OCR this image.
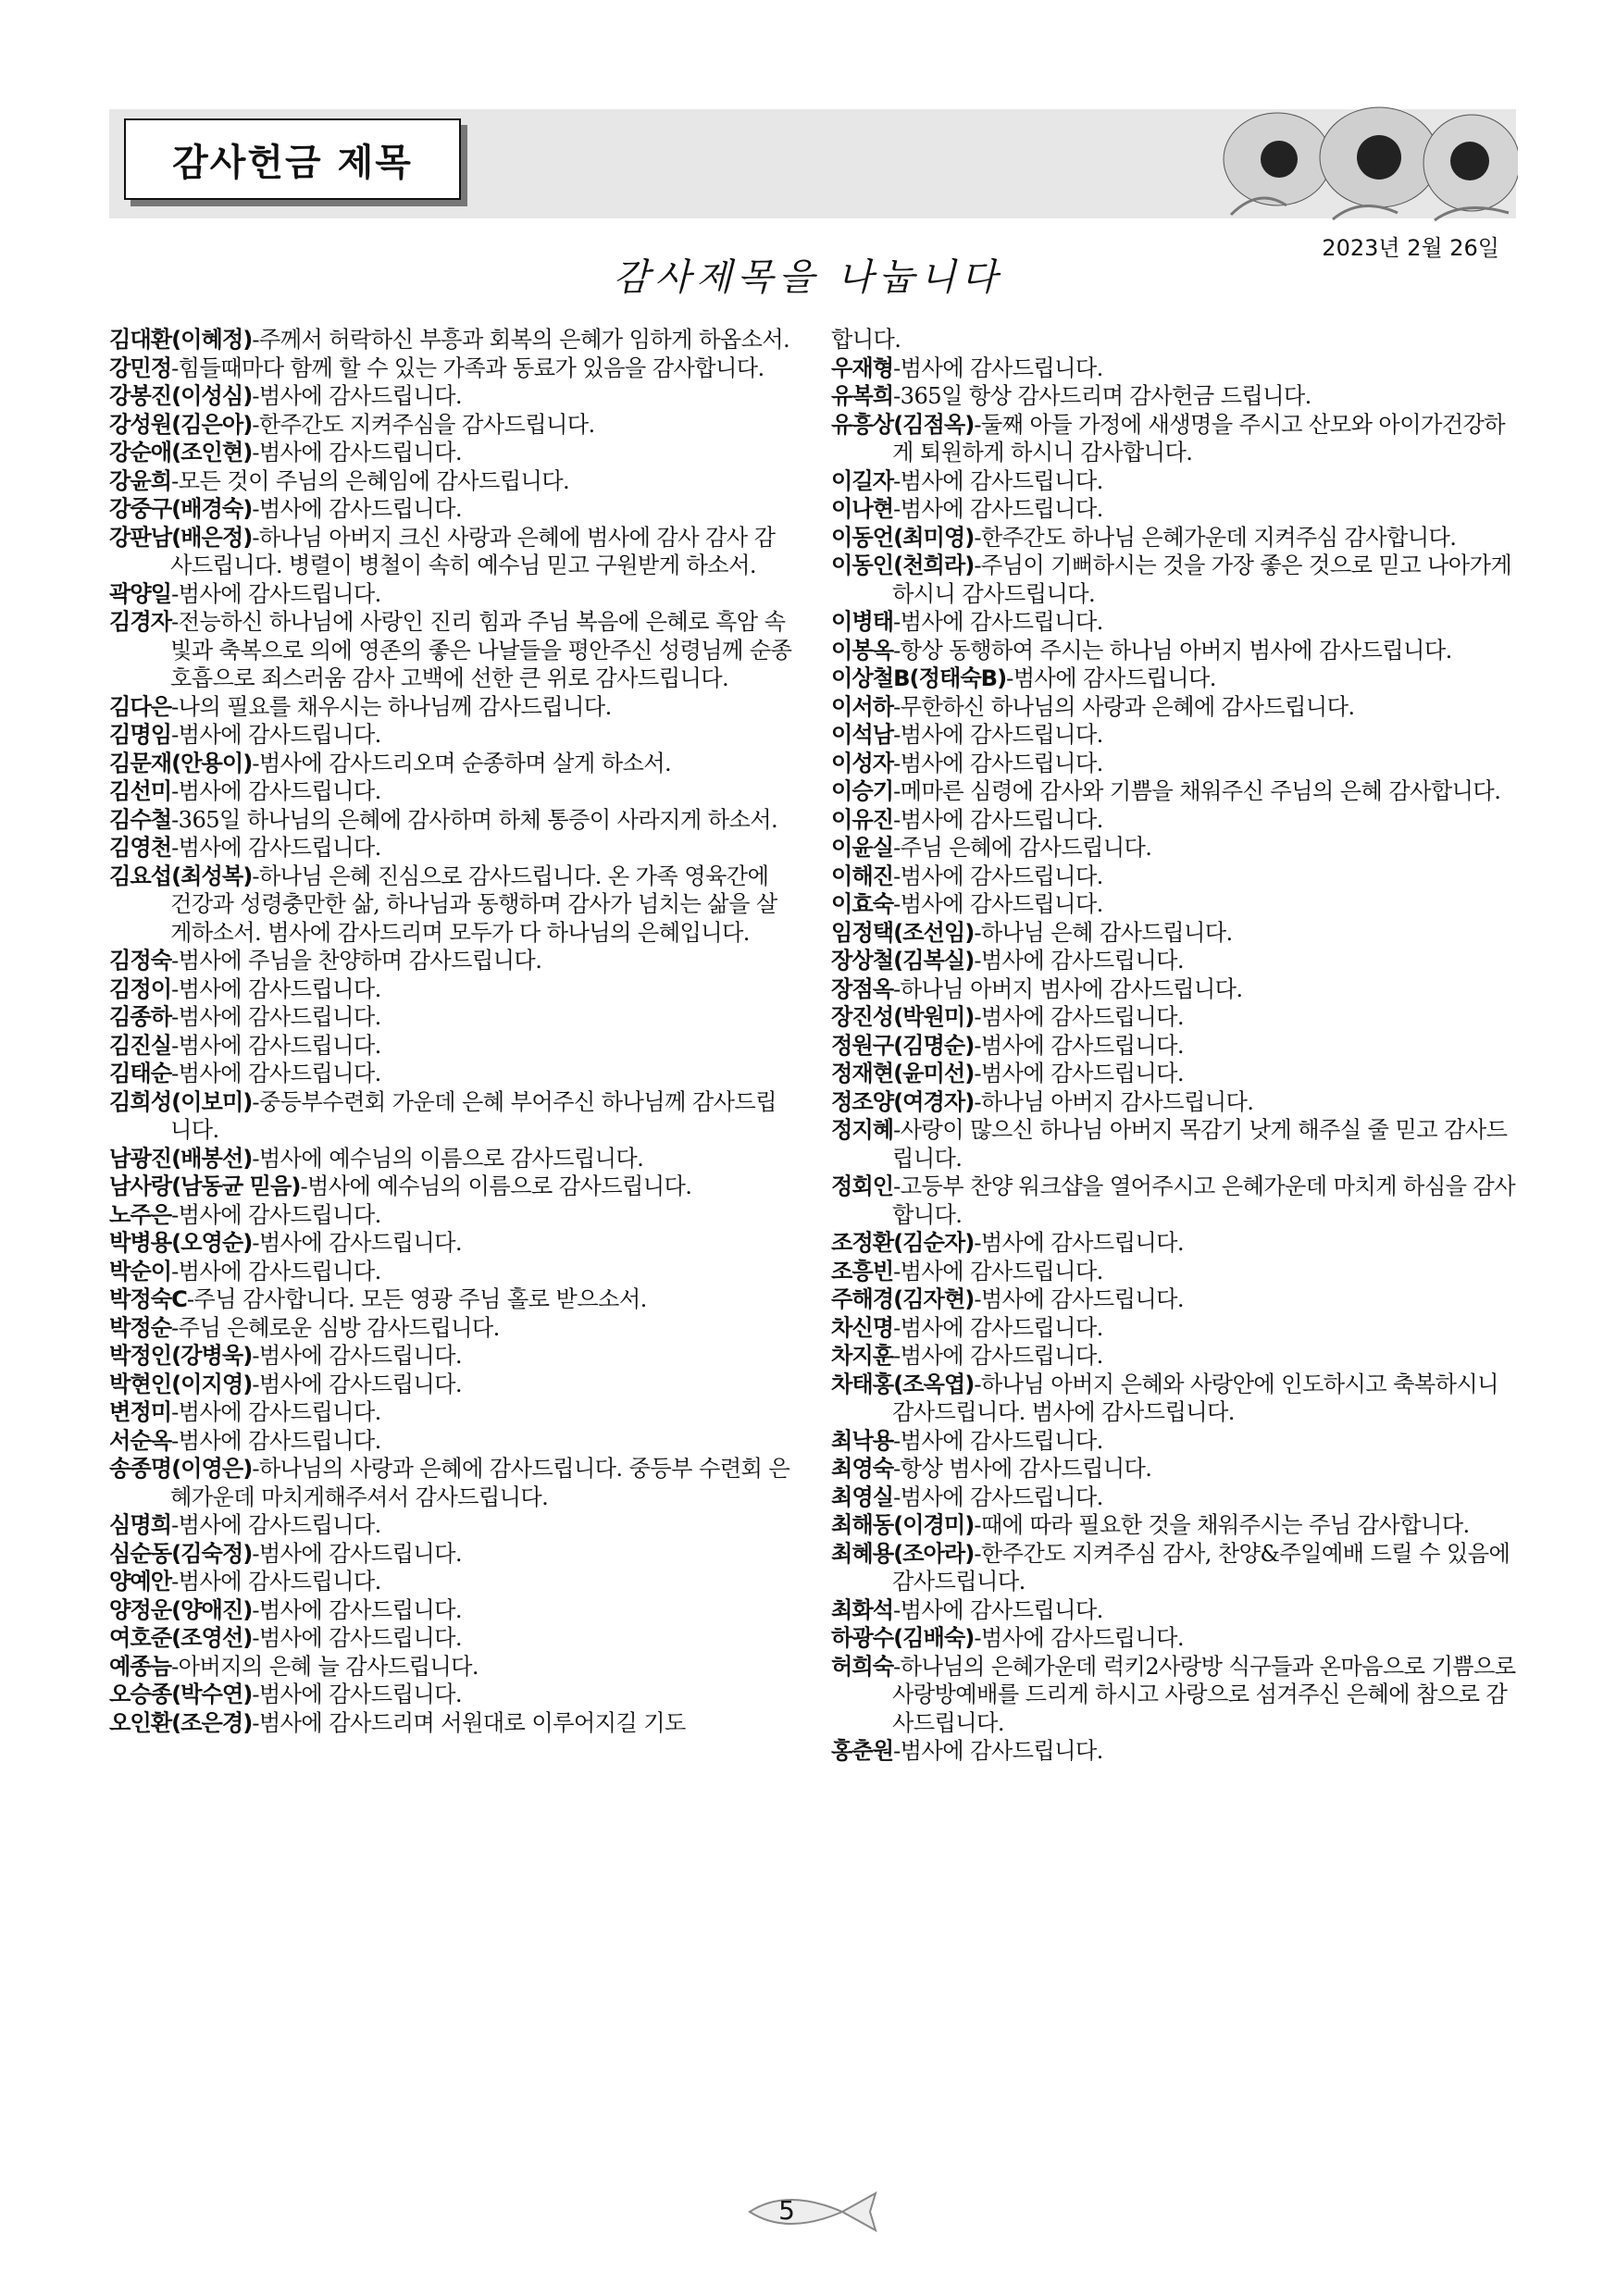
감사헌금 제목
2023년 2월 26일
감사제목을 나눕니다
김대환(이혜정)-주께서 허락하신 부흥과 회복의 은혜가 임하게 하옵소서.
강민정-힘들때마다 함께 할 수 있는 가족과 동료가 있음을 감사합니다.
강봉진(이성심)-범사에 감사드립니다.
강성원(김은아)-한주간도 지켜주심을 감사드립니다.
강순애(조인현)-범사에 감사드립니다.
강윤희-모든 것이 주님의 은혜임에 감사드립니다.
강중구(배경숙)-범사에 감사드립니다.
강판남(배은정)-하나님 아버지 크신 사랑과 은혜에 범사에 감사 감사 감사드립니다. 병렬이 병철이 속히 예수님 믿고 구원받게 하소서.
곽양일-범사에 감사드립니다.
김경자-전능하신 하나님에 사랑인 진리 힘과 주님 복음에 은혜로 흑암 속 빛과 축복으로 의에 영존의 좋은 나날들을 평안주신 성령님께 순종호흡으로 죄스러움 감사 고백에 선한 큰 위로 감사드립니다.
김다은-나의 필요를 채우시는 하나님께 감사드립니다.
김명임-범사에 감사드립니다.
김문재(안용이)-범사에 감사드리오며 순종하며 살게 하소서.
김선미-범사에 감사드립니다.
김수철-365일 하나님의 은혜에 감사하며 하체 통증이 사라지게 하소서.
김영천-범사에 감사드립니다.
김요섭(최성복)-하나님 은혜 진심으로 감사드립니다. 온 가족 영육간에 건강과 성령충만한 삶, 하나님과 동행하며 감사가 넘치는 삶을 살게하소서. 범사에 감사드리며 모두가 다 하나님의 은혜입니다.
김정숙-범사에 주님을 찬양하며 감사드립니다.
김정이-범사에 감사드립니다.
김종하-범사에 감사드립니다.
김진실-범사에 감사드립니다.
김태순-범사에 감사드립니다.
김희성(이보미)-중등부수련회 가운데 은혜 부어주신 하나님께 감사드립니다.
남광진(배봉선)-범사에 예수님의 이름으로 감사드립니다.
남사랑(남동균 믿음)-범사에 예수님의 이름으로 감사드립니다.
노주은-범사에 감사드립니다.
박병용(오영순)-범사에 감사드립니다.
박순이-범사에 감사드립니다.
박정숙C-주님 감사합니다. 모든 영광 주님 홀로 받으소서.
박정순-주님 은혜로운 심방 감사드립니다.
박정인(강병욱)-범사에 감사드립니다.
박현인(이지영)-범사에 감사드립니다.
변정미-범사에 감사드립니다.
서순옥-범사에 감사드립니다.
송종명(이영은)-하나님의 사랑과 은혜에 감사드립니다. 중등부 수련회 은혜가운데 마치게해주셔서 감사드립니다.
심명희-범사에 감사드립니다.
심순동(김숙정)-범사에 감사드립니다.
양예안-범사에 감사드립니다.
양정운(양애진)-범사에 감사드립니다.
여호준(조영선)-범사에 감사드립니다.
예종늠-아버지의 은혜 늘 감사드립니다.
오승종(박수연)-범사에 감사드립니다.
오인환(조은경)-범사에 감사드리며 서원대로 이루어지길 기도
합니다.
우재형-범사에 감사드립니다.
유복희-365일 항상 감사드리며 감사헌금 드립니다.
유흥상(김점옥)-둘째 아들 가정에 새생명을 주시고 산모와 아이가건강하게 퇴원하게 하시니 감사합니다.
이길자-범사에 감사드립니다.
이나현-범사에 감사드립니다.
이동언(최미영)-한주간도 하나님 은혜가운데 지켜주심 감사합니다.
이동인(천희라)-주님이 기뻐하시는 것을 가장 좋은 것으로 믿고 나아가게 하시니 감사드립니다.
이병태-범사에 감사드립니다.
이봉옥-항상 동행하여 주시는 하나님 아버지 범사에 감사드립니다.
이상철B(정태숙B)-범사에 감사드립니다.
이서하-무한하신 하나님의 사랑과 은혜에 감사드립니다.
이석남-범사에 감사드립니다.
이성자-범사에 감사드립니다.
이승기-메마른 심령에 감사와 기쁨을 채워주신 주님의 은혜 감사합니다.
이유진-범사에 감사드립니다.
이윤실-주님 은혜에 감사드립니다.
이해진-범사에 감사드립니다.
이효숙-범사에 감사드립니다.
임정택(조선임)-하나님 은혜 감사드립니다.
장상철(김복실)-범사에 감사드립니다.
장점옥-하나님 아버지 범사에 감사드립니다.
장진성(박원미)-범사에 감사드립니다.
정원구(김명순)-범사에 감사드립니다.
정재현(윤미선)-범사에 감사드립니다.
정조양(여경자)-하나님 아버지 감사드립니다.
정지혜-사랑이 많으신 하나님 아버지 목감기 낫게 해주실 줄 믿고 감사드립니다.
정회인-고등부 찬양 워크샵을 열어주시고 은혜가운데 마치게 하심을 감사합니다.
조정환(김순자)-범사에 감사드립니다.
조흥빈-범사에 감사드립니다.
주해경(김자현)-범사에 감사드립니다.
차신명-범사에 감사드립니다.
차지훈-범사에 감사드립니다.
차태홍(조옥엽)-하나님 아버지 은혜와 사랑안에 인도하시고 축복하시니 감사드립니다. 범사에 감사드립니다.
최낙용-범사에 감사드립니다.
최영숙-항상 범사에 감사드립니다.
최영실-범사에 감사드립니다.
최해동(이경미)-때에 따라 필요한 것을 채워주시는 주님 감사합니다.
최혜용(조아라)-한주간도 지켜주심 감사, 찬양&주일예배 드릴 수 있음에 감사드립니다.
최화석-범사에 감사드립니다.
하광수(김배숙)-범사에 감사드립니다.
허희숙-하나님의 은혜가운데 럭키2사랑방 식구들과 온마음으로 기쁨으로 사랑방예배를 드리게 하시고 사랑으로 섬겨주신 은혜에 참으로 감사드립니다.
홍춘원-범사에 감사드립니다.
5
